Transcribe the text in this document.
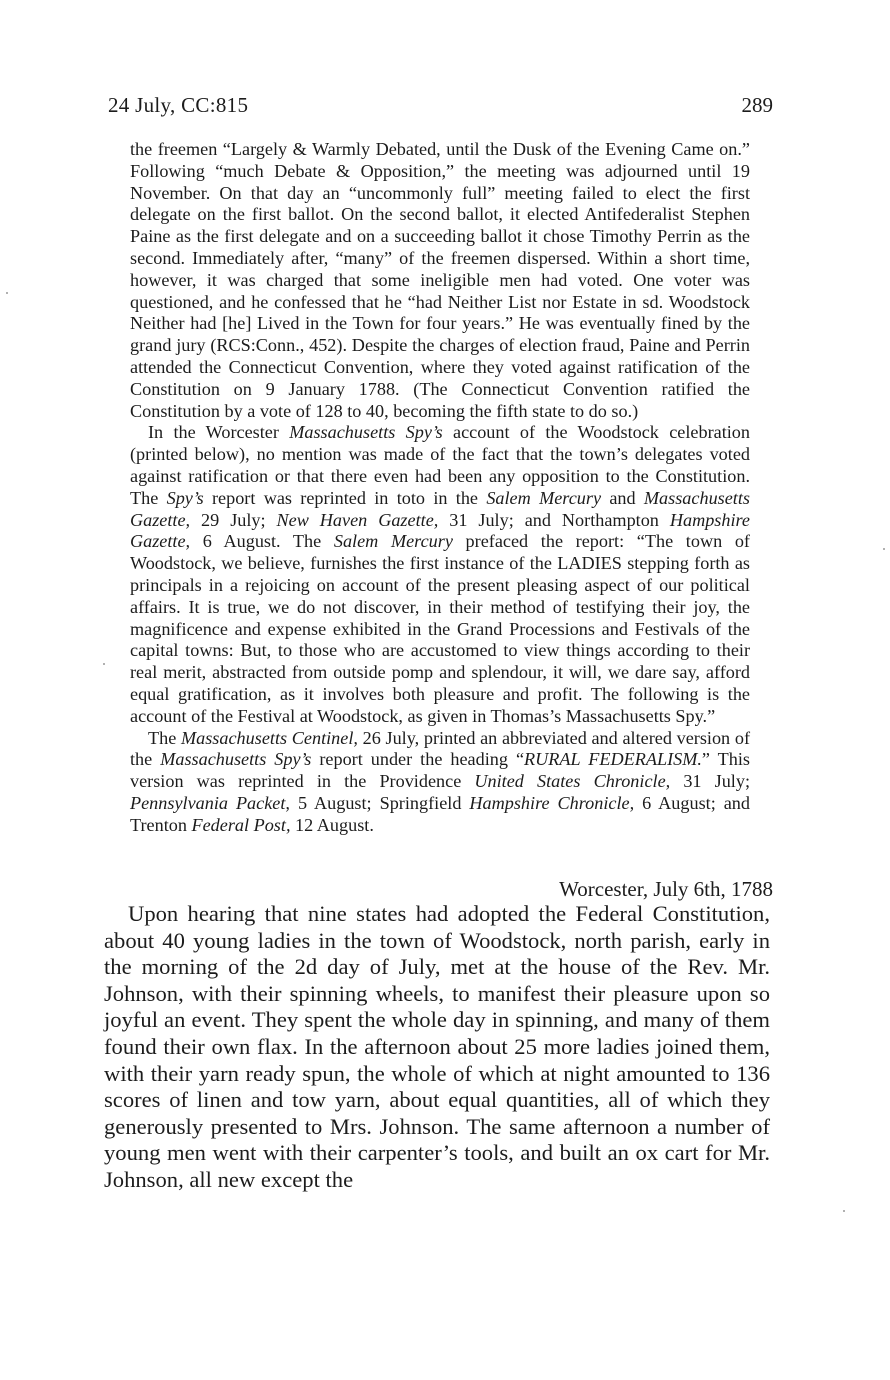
24 July, CC:815	289

the freemen “Largely & Warmly Debated, until the Dusk of the Evening Came on.” Following “much Debate & Opposition,” the meeting was adjourned until 19 November. On that day an “uncommonly full” meeting failed to elect the first delegate on the first ballot. On the second ballot, it elected Antifederalist Stephen Paine as the first delegate and on a succeeding ballot it chose Timothy Perrin as the second. Immediately after, “many” of the freemen dispersed. Within a short time, however, it was charged that some ineligible men had voted. One voter was questioned, and he confessed that he “had Neither List nor Estate in sd. Woodstock Neither had [he] Lived in the Town for four years.” He was eventually fined by the grand jury (RCS:Conn., 452). Despite the charges of election fraud, Paine and Perrin attended the Connecticut Convention, where they voted against ratification of the Constitution on 9 January 1788. (The Connecticut Convention ratified the Constitution by a vote of 128 to 40, becoming the fifth state to do so.)

In the Worcester Massachusetts Spy’s account of the Woodstock celebration (printed below), no mention was made of the fact that the town’s delegates voted against ratification or that there even had been any opposition to the Constitution. The Spy’s report was reprinted in toto in the Salem Mercury and Massachusetts Gazette, 29 July; New Haven Gazette, 31 July; and Northampton Hampshire Gazette, 6 August. The Salem Mercury prefaced the report: “The town of Woodstock, we believe, furnishes the first instance of the LADIES stepping forth as principals in a rejoicing on account of the present pleasing aspect of our political affairs. It is true, we do not discover, in their method of testifying their joy, the magnificence and expense exhibited in the Grand Processions and Festivals of the capital towns: But, to those who are accustomed to view things according to their real merit, abstracted from outside pomp and splendour, it will, we dare say, afford equal gratification, as it involves both pleasure and profit. The following is the account of the Festival at Woodstock, as given in Thomas’s Massachusetts Spy.”

The Massachusetts Centinel, 26 July, printed an abbreviated and altered version of the Massachusetts Spy’s report under the heading “RURAL FEDERALISM.” This version was reprinted in the Providence United States Chronicle, 31 July; Pennsylvania Packet, 5 August; Springfield Hampshire Chronicle, 6 August; and Trenton Federal Post, 12 August.

Worcester, July 6th, 1788

Upon hearing that nine states had adopted the Federal Constitution, about 40 young ladies in the town of Woodstock, north parish, early in the morning of the 2d day of July, met at the house of the Rev. Mr. Johnson, with their spinning wheels, to manifest their pleasure upon so joyful an event. They spent the whole day in spinning, and many of them found their own flax. In the afternoon about 25 more ladies joined them, with their yarn ready spun, the whole of which at night amounted to 136 scores of linen and tow yarn, about equal quantities, all of which they generously presented to Mrs. Johnson. The same afternoon a number of young men went with their carpenter’s tools, and built an ox cart for Mr. Johnson, all new except the
